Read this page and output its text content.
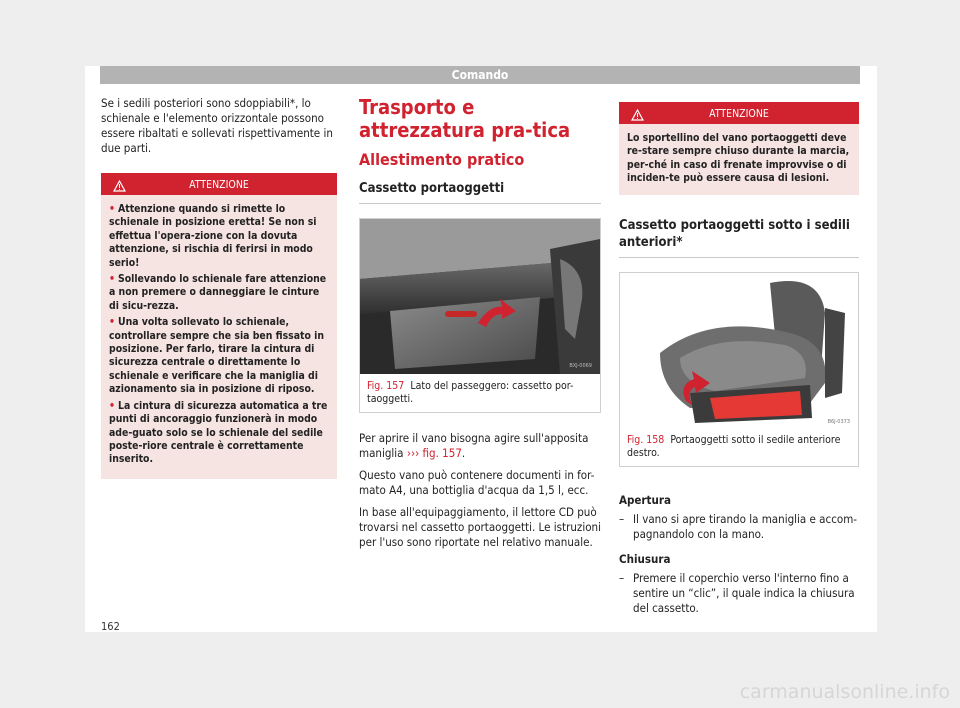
Comando

Se i sedili posteriori sono sdoppiabili*, lo schienale e l'elemento orizzontale possono essere ribaltati e sollevati rispettivamente in due parti.

ATTENZIONE
• Attenzione quando si rimette lo schienale in posizione eretta! Se non si effettua l'opera-zione con la dovuta attenzione, si rischia di ferirsi in modo serio!
• Sollevando lo schienale fare attenzione a non premere o danneggiare le cinture di sicu-rezza.
• Una volta sollevato lo schienale, controllare sempre che sia ben fissato in posizione. Per farlo, tirare la cintura di sicurezza centrale o direttamente lo schienale e verificare che la maniglia di azionamento sia in posizione di riposo.
• La cintura di sicurezza automatica a tre punti di ancoraggio funzionerà in modo ade-guato solo se lo schienale del sedile poste-riore centrale è correttamente inserito.
Trasporto e attrezzatura pra-tica
Allestimento pratico
Cassetto portaoggetti
BXJ-0069
Fig. 157 Lato del passeggero: cassetto por-taoggetti.

Per aprire il vano bisogna agire sull'apposita maniglia ››› fig. 157.

Questo vano può contenere documenti in for-mato A4, una bottiglia d'acqua da 1,5 l, ecc.

In base all'equipaggiamento, il lettore CD può trovarsi nel cassetto portaoggetti. Le istruzioni per l'uso sono riportate nel relativo manuale.

ATTENZIONE
Lo sportellino del vano portaoggetti deve re-stare sempre chiuso durante la marcia, per-ché in caso di frenate improvvise o di inciden-te può essere causa di lesioni.
Cassetto portaoggetti sotto i sedili anteriori*
B6J-0373
Fig. 158 Portaoggetti sotto il sedile anteriore destro.
Apertura
– Il vano si apre tirando la maniglia e accom-pagnandolo con la mano.
Chiusura
– Premere il coperchio verso l'interno fino a sentire un “clic”, il quale indica la chiusura del cassetto.
162
carmanualsonline.info
